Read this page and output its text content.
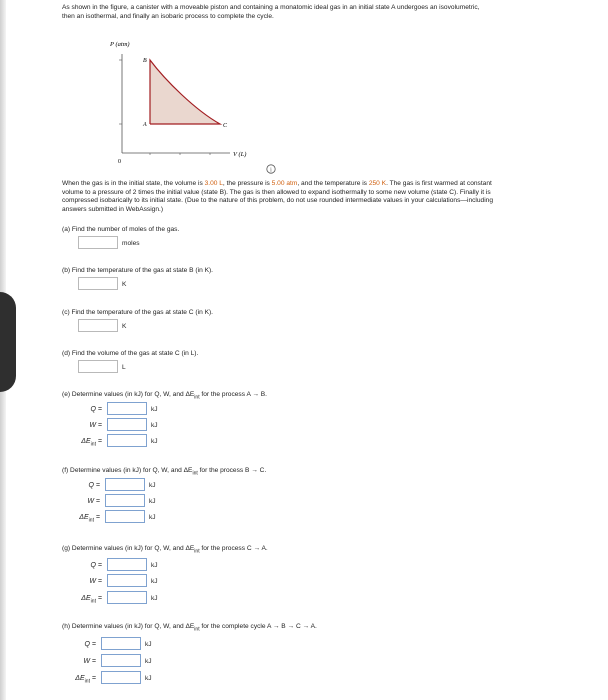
As shown in the figure, a canister with a moveable piston and containing a monatomic ideal gas in an initial state A undergoes an isovolumetric, then an isothermal, and finally an isobaric process to complete the cycle.
P (atm)
V (L)
0
B
A	C
i
When the gas is in the initial state, the volume is 3.00 L, the pressure is 5.00 atm, and the temperature is 250 K. The gas is first warmed at constant volume to a pressure of 2 times the initial value (state B). The gas is then allowed to expand isothermally to some new volume (state C). Finally it is compressed isobarically to its initial state. (Due to the nature of this problem, do not use rounded intermediate values in your calculations—including answers submitted in WebAssign.)
(a) Find the number of moles of the gas.
moles
(b) Find the temperature of the gas at state B (in K).
K
(c) Find the temperature of the gas at state C (in K).
K
(d) Find the volume of the gas at state C (in L).
L
(e) Determine values (in kJ) for Q, W, and $\Delta E_{int}$ for the process A → B.
Q =	kJ
W =	kJ
$\Delta E_{int}$ =	kJ
(f) Determine values (in kJ) for Q, W, and $\Delta E_{int}$ for the process B → C.
Q =	kJ
W =	kJ
$\Delta E_{int}$ =	kJ
(g) Determine values (in kJ) for Q, W, and $\Delta E_{int}$ for the process C → A.
Q =	kJ
W =	kJ
$\Delta E_{int}$ =	kJ
(h) Determine values (in kJ) for Q, W, and $\Delta E_{int}$ for the complete cycle A → B → C → A.
Q =	kJ
W =	kJ
$\Delta E_{int}$ =	kJ
